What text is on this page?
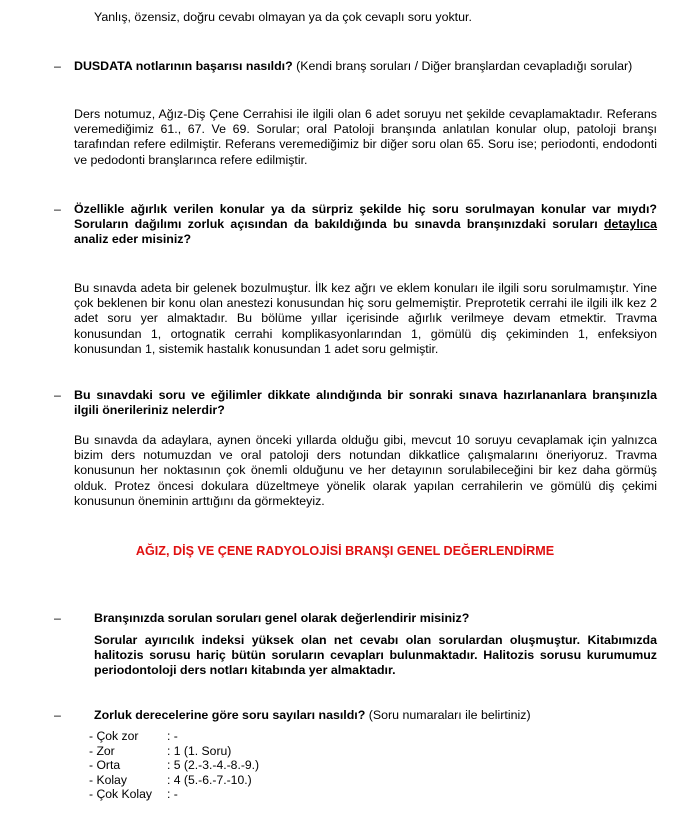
Yanlış, özensiz, doğru cevabı olmayan ya da çok cevaplı soru yoktur.
– DUSDATA notlarının başarısı nasıldı? (Kendi branş soruları / Diğer branşlardan cevapladığı sorular)
Ders notumuz, Ağız-Diş Çene Cerrahisi ile ilgili olan 6 adet soruyu net şekilde cevaplamaktadır. Referans veremediğimiz 61., 67. Ve 69. Sorular; oral Patoloji branşında anlatılan konular olup, patoloji branşı tarafından refere edilmiştir. Referans veremediğimiz bir diğer soru olan 65. Soru ise; periodonti, endodonti ve pedodonti branşlarınca refere edilmiştir.
– Özellikle ağırlık verilen konular ya da sürpriz şekilde hiç soru sorulmayan konular var mıydı? Soruların dağılımı zorluk açısından da bakıldığında bu sınavda branşınızdaki soruları detaylıca analiz eder misiniz?
Bu sınavda adeta bir gelenek bozulmuştur. İlk kez ağrı ve eklem konuları ile ilgili soru sorulmamıştır. Yine çok beklenen bir konu olan anestezi konusundan hiç soru gelmemiştir. Preprotetik cerrahi ile ilgili ilk kez 2 adet soru yer almaktadır. Bu bölüme yıllar içerisinde ağırlık verilmeye devam etmektir. Travma konusundan 1, ortognatik cerrahi komplikasyonlarından 1, gömülü diş çekiminden 1, enfeksiyon konusundan 1, sistemik hastalık konusundan 1 adet soru gelmiştir.
– Bu sınavdaki soru ve eğilimler dikkate alındığında bir sonraki sınava hazırlananlara branşınızla ilgili önerileriniz nelerdir?
Bu sınavda da adaylara, aynen önceki yıllarda olduğu gibi, mevcut 10 soruyu cevaplamak için yalnızca bizim ders notumuzdan ve oral patoloji ders notundan dikkatlice çalışmalarını öneriyoruz. Travma konusunun her noktasının çok önemli olduğunu ve her detayının sorulabileceğini bir kez daha görmüş olduk. Protez öncesi dokulara düzeltmeye yönelik olarak yapılan cerrahilerin ve gömülü diş çekimi konusunun öneminin arttığını da görmekteyiz.
AĞIZ, DİŞ VE ÇENE RADYOLOJİSİ BRANŞI GENEL DEĞERLENDİRME
–	Branşınızda sorulan soruları genel olarak değerlendirir misiniz?
Sorular ayırıcılık indeksi yüksek olan net cevabı olan sorulardan oluşmuştur. Kitabımızda halitozis sorusu hariç bütün soruların cevapları bulunmaktadır. Halitozis sorusu kurumumuz periodontoloji ders notları kitabında yer almaktadır.
–	Zorluk derecelerine göre soru sayıları nasıldı? (Soru numaraları ile belirtiniz)
- Çok zor	: -
- Zor	: 1 (1. Soru)
- Orta	: 5 (2.-3.-4.-8.-9.)
- Kolay	: 4 (5.-6.-7.-10.)
- Çok Kolay	: -
